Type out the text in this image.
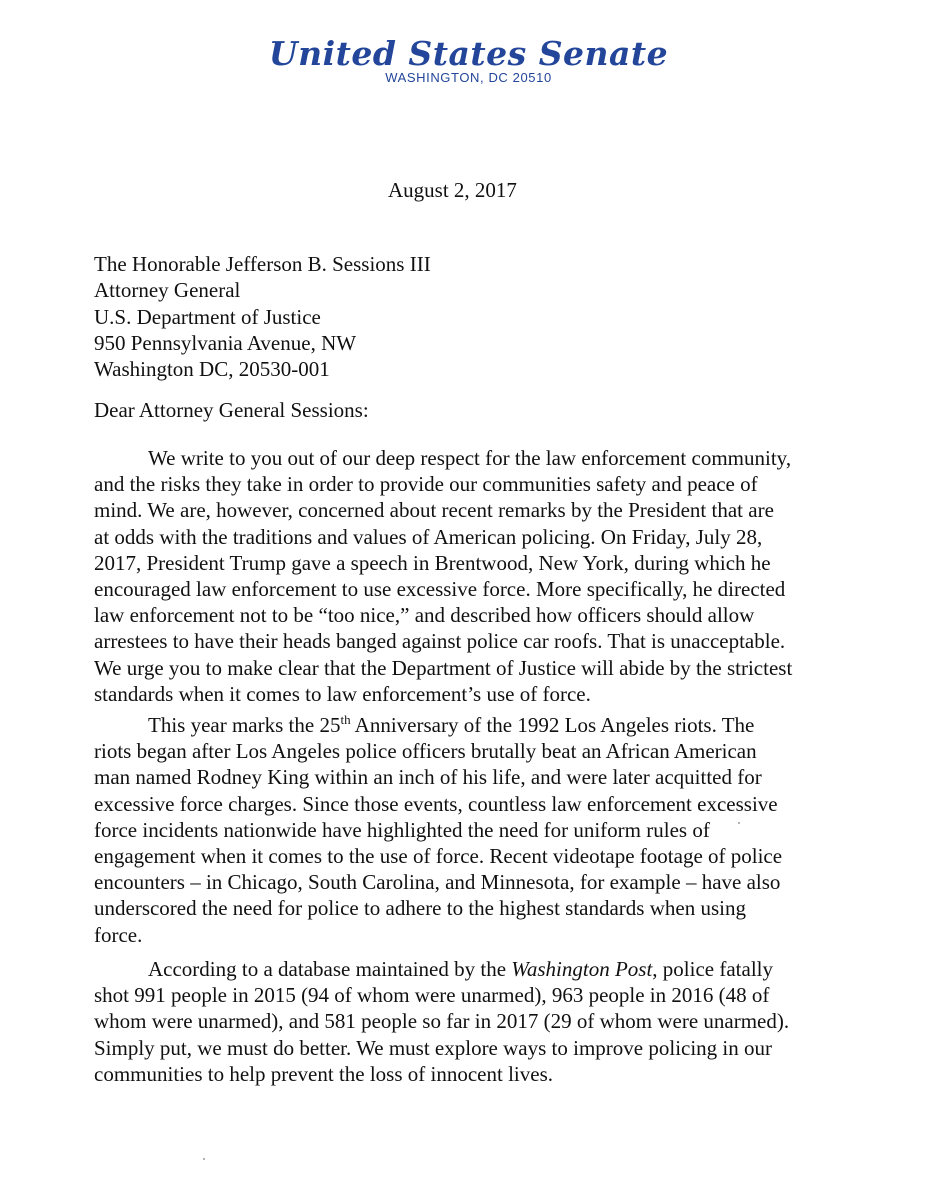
United States Senate
WASHINGTON, DC 20510
August 2, 2017
The Honorable Jefferson B. Sessions III
Attorney General
U.S. Department of Justice
950 Pennsylvania Avenue, NW
Washington DC, 20530-001
Dear Attorney General Sessions:
We write to you out of our deep respect for the law enforcement community,
and the risks they take in order to provide our communities safety and peace of
mind. We are, however, concerned about recent remarks by the President that are
at odds with the traditions and values of American policing. On Friday, July 28,
2017, President Trump gave a speech in Brentwood, New York, during which he
encouraged law enforcement to use excessive force. More specifically, he directed
law enforcement not to be “too nice,” and described how officers should allow
arrestees to have their heads banged against police car roofs. That is unacceptable.
We urge you to make clear that the Department of Justice will abide by the strictest
standards when it comes to law enforcement’s use of force.
This year marks the 25th Anniversary of the 1992 Los Angeles riots. The
riots began after Los Angeles police officers brutally beat an African American
man named Rodney King within an inch of his life, and were later acquitted for
excessive force charges. Since those events, countless law enforcement excessive
force incidents nationwide have highlighted the need for uniform rules of
engagement when it comes to the use of force. Recent videotape footage of police
encounters – in Chicago, South Carolina, and Minnesota, for example – have also
underscored the need for police to adhere to the highest standards when using
force.
According to a database maintained by the Washington Post, police fatally
shot 991 people in 2015 (94 of whom were unarmed), 963 people in 2016 (48 of
whom were unarmed), and 581 people so far in 2017 (29 of whom were unarmed).
Simply put, we must do better. We must explore ways to improve policing in our
communities to help prevent the loss of innocent lives.
